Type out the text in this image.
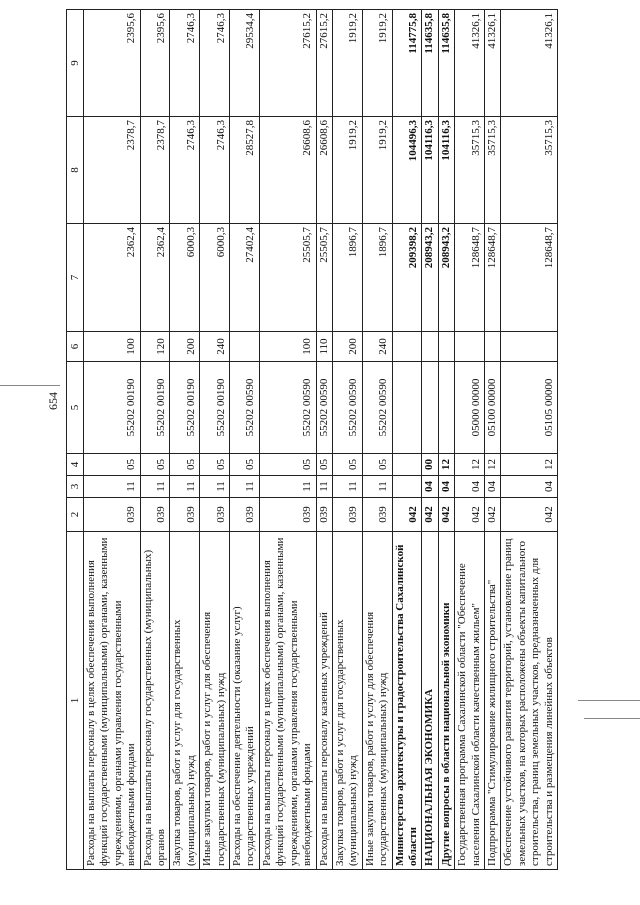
654
1	2	3	4	5	6	7	8	9
Расходы на выплаты персоналу в целях обеспечения выполнения функций государственными (муниципальными) органами, казенными учреждениями, органами управления государственными внебюджетными фондами	039	11	05	55202 00190	100	2362,4	2378,7	2395,6
Расходы на выплаты персоналу государственных (муниципальных) органов	039	11	05	55202 00190	120	2362,4	2378,7	2395,6
Закупка товаров, работ и услуг для государственных (муниципальных) нужд	039	11	05	55202 00190	200	6000,3	2746,3	2746,3
Иные закупки товаров, работ и услуг для обеспечения государственных (муниципальных) нужд	039	11	05	55202 00190	240	6000,3	2746,3	2746,3
Расходы на обеспечение деятельности (оказание услуг) государственных учреждений	039	11	05	55202 00590		27402,4	28527,8	29534,4
Расходы на выплаты персоналу в целях обеспечения выполнения функций государственными (муниципальными) органами, казенными учреждениями, органами управления государственными внебюджетными фондами	039	11	05	55202 00590	100	25505,7	26608,6	27615,2
Расходы на выплаты персоналу казенных учреждений	039	11	05	55202 00590	110	25505,7	26608,6	27615,2
Закупка товаров, работ и услуг для государственных (муниципальных) нужд	039	11	05	55202 00590	200	1896,7	1919,2	1919,2
Иные закупки товаров, работ и услуг для обеспечения государственных (муниципальных) нужд	039	11	05	55202 00590	240	1896,7	1919,2	1919,2
Министерство архитектуры и градостроительства Сахалинской области	042					209398,2	104496,3	114775,8
НАЦИОНАЛЬНАЯ ЭКОНОМИКА	042	04	00			208943,2	104116,3	114635,8
Другие вопросы в области национальной экономики	042	04	12			208943,2	104116,3	114635,8
Государственная программа Сахалинской области "Обеспечение населения Сахалинской области качественным жильем"	042	04	12	05000 00000		128648,7	35715,3	41326,1
Подпрограмма "Стимулирование жилищного строительства"	042	04	12	05100 00000		128648,7	35715,3	41326,1
Обеспечение устойчивого развития территорий, установление границ земельных участков, на которых расположены объекты капитального строительства, границ земельных участков, предназначенных для строительства и размещения линейных объектов	042	04	12	05105 00000		128648,7	35715,3	41326,1
